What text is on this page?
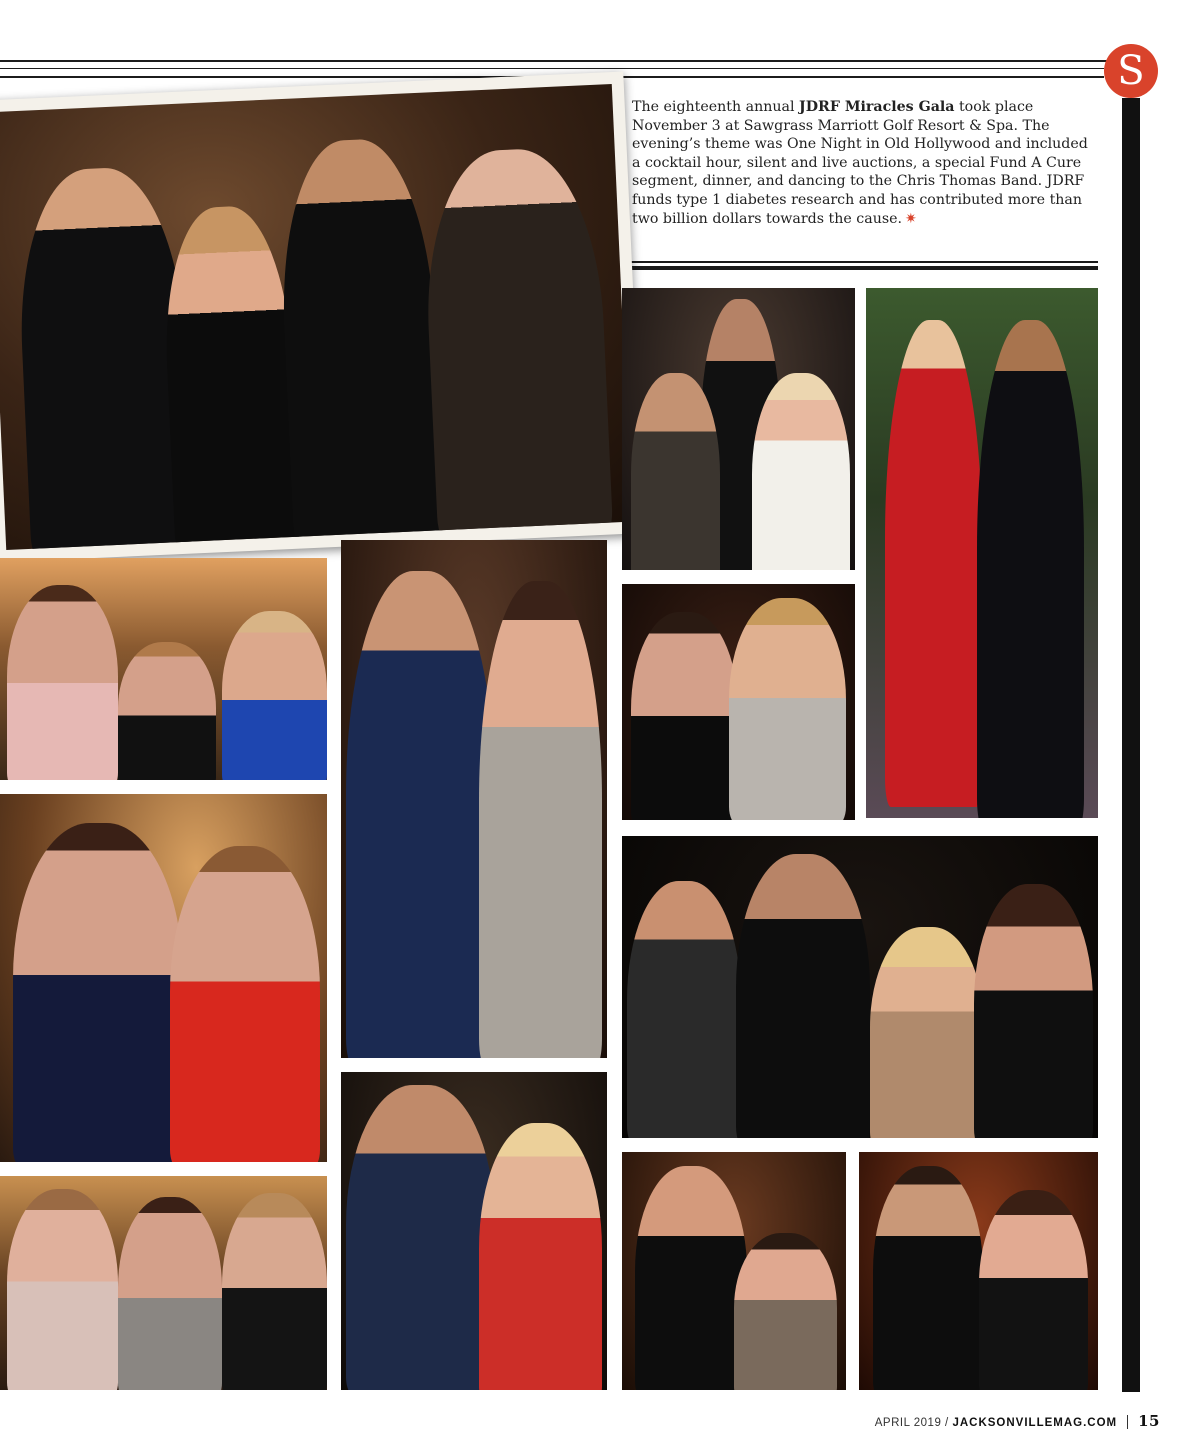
S
The eighteenth annual JDRF Miracles Gala took place November 3 at Sawgrass Marriott Golf Resort & Spa. The evening’s theme was One Night in Old Hollywood and included a cocktail hour, silent and live auctions, a special Fund A Cure segment, dinner, and dancing to the Chris Thomas Band. JDRF funds type 1 diabetes research and has contributed more than two billion dollars towards the cause. ✷
APRIL 2019 / JACKSONVILLEMAG.COM 15
